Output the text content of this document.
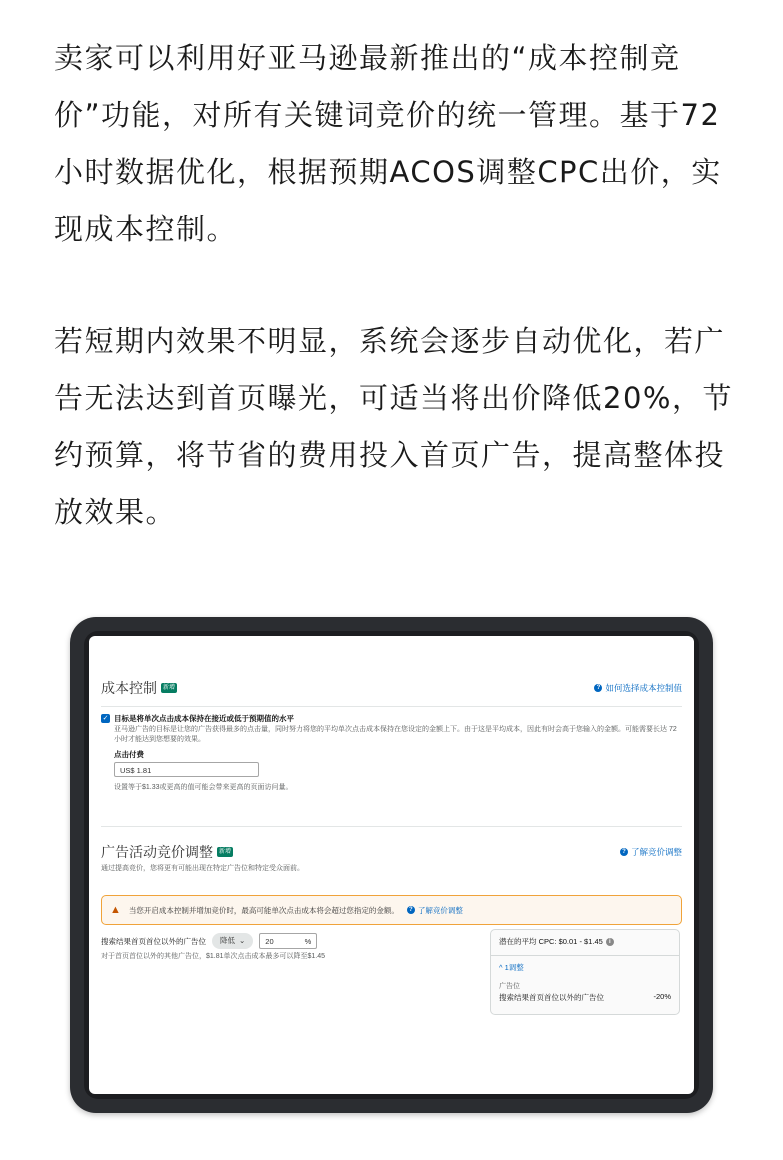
卖家可以利用好亚马逊最新推出的“成本控制竞价”功能，对所有关键词竞价的统一管理。基于72小时数据优化，根据预期ACOS调整CPC出价，实现成本控制。

若短期内效果不明显，系统会逐步自动优化，若广告无法达到首页曝光，可适当将出价降低20%，节约预算，将节省的费用投入首页广告，提高整体投放效果。

成本控制	新增	? 如何选择成本控制值
✓ 目标是将单次点击成本保持在接近或低于预期值的水平
亚马逊广告的目标是让您的广告获得最多的点击量，同时努力将您的平均单次点击成本保持在您设定的金额上下。由于这是平均成本，因此有时会高于您输入的金额。可能需要长达 72 小时才能达到您想要的效果。
点击付费
US$ 1.81
设置等于$1.33或更高的值可能会带来更高的页面访问量。
广告活动竞价调整	新增	? 了解竞价调整
通过提高竞价，您将更有可能出现在特定广告位和特定受众面前。
▲ 当您开启成本控制并增加竞价时，最高可能单次点击成本将会超过您指定的金额。	? 了解竞价调整
搜索结果首页首位以外的广告位 降低 ⌄	20	%
对于首页首位以外的其他广告位，$1.81单次点击成本最多可以降至$1.45
潜在的平均 CPC: $0.01 - $1.45	i
^ 1调整
广告位
搜索结果首页首位以外的广告位	-20%
